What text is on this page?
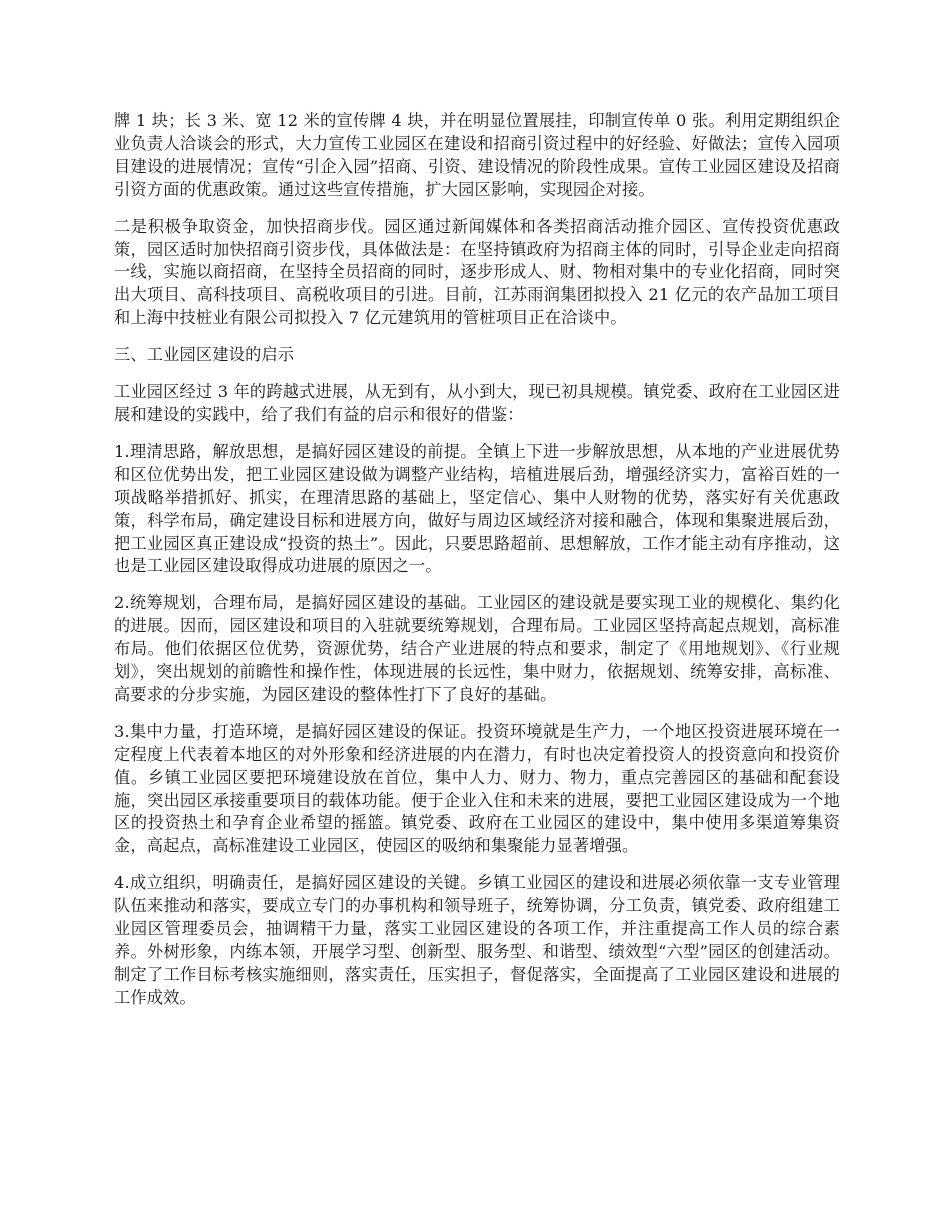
牌 1 块；长 3 米、宽 12 米的宣传牌 4 块，并在明显位置展挂，印制宣传单 0 张。利用定期组织企业负责人洽谈会的形式，大力宣传工业园区在建设和招商引资过程中的好经验、好做法；宣传入园项目建设的进展情况；宣传“引企入园”招商、引资、建设情况的阶段性成果。宣传工业园区建设及招商引资方面的优惠政策。通过这些宣传措施，扩大园区影响，实现园企对接。

二是积极争取资金，加快招商步伐。园区通过新闻媒体和各类招商活动推介园区、宣传投资优惠政策，园区适时加快招商引资步伐，具体做法是：在坚持镇政府为招商主体的同时，引导企业走向招商一线，实施以商招商，在坚持全员招商的同时，逐步形成人、财、物相对集中的专业化招商，同时突出大项目、高科技项目、高税收项目的引进。目前，江苏雨润集团拟投入 21 亿元的农产品加工项目和上海中技桩业有限公司拟投入 7 亿元建筑用的管桩项目正在洽谈中。

三、工业园区建设的启示

工业园区经过 3 年的跨越式进展，从无到有，从小到大，现已初具规模。镇党委、政府在工业园区进展和建设的实践中，给了我们有益的启示和很好的借鉴：

1.理清思路，解放思想，是搞好园区建设的前提。全镇上下进一步解放思想，从本地的产业进展优势和区位优势出发，把工业园区建设做为调整产业结构，培植进展后劲，增强经济实力，富裕百姓的一项战略举措抓好、抓实，在理清思路的基础上，坚定信心、集中人财物的优势，落实好有关优惠政策，科学布局，确定建设目标和进展方向，做好与周边区域经济对接和融合，体现和集聚进展后劲，把工业园区真正建设成“投资的热土”。因此，只要思路超前、思想解放，工作才能主动有序推动，这也是工业园区建设取得成功进展的原因之一。

2.统筹规划，合理布局，是搞好园区建设的基础。工业园区的建设就是要实现工业的规模化、集约化的进展。因而，园区建设和项目的入驻就要统筹规划，合理布局。工业园区坚持高起点规划，高标准布局。他们依据区位优势，资源优势，结合产业进展的特点和要求，制定了《用地规划》、《行业规划》，突出规划的前瞻性和操作性，体现进展的长远性，集中财力，依据规划、统筹安排，高标准、高要求的分步实施，为园区建设的整体性打下了良好的基础。

3.集中力量，打造环境，是搞好园区建设的保证。投资环境就是生产力，一个地区投资进展环境在一定程度上代表着本地区的对外形象和经济进展的内在潜力，有时也决定着投资人的投资意向和投资价值。乡镇工业园区要把环境建设放在首位，集中人力、财力、物力，重点完善园区的基础和配套设施，突出园区承接重要项目的载体功能。便于企业入住和未来的进展，要把工业园区建设成为一个地区的投资热土和孕育企业希望的摇篮。镇党委、政府在工业园区的建设中，集中使用多渠道筹集资金，高起点，高标准建设工业园区，使园区的吸纳和集聚能力显著增强。

4.成立组织，明确责任，是搞好园区建设的关键。乡镇工业园区的建设和进展必须依靠一支专业管理队伍来推动和落实，要成立专门的办事机构和领导班子，统筹协调，分工负责，镇党委、政府组建工业园区管理委员会，抽调精干力量，落实工业园区建设的各项工作，并注重提高工作人员的综合素养。外树形象，内练本领，开展学习型、创新型、服务型、和谐型、绩效型“六型”园区的创建活动。制定了工作目标考核实施细则，落实责任，压实担子，督促落实，全面提高了工业园区建设和进展的工作成效。
